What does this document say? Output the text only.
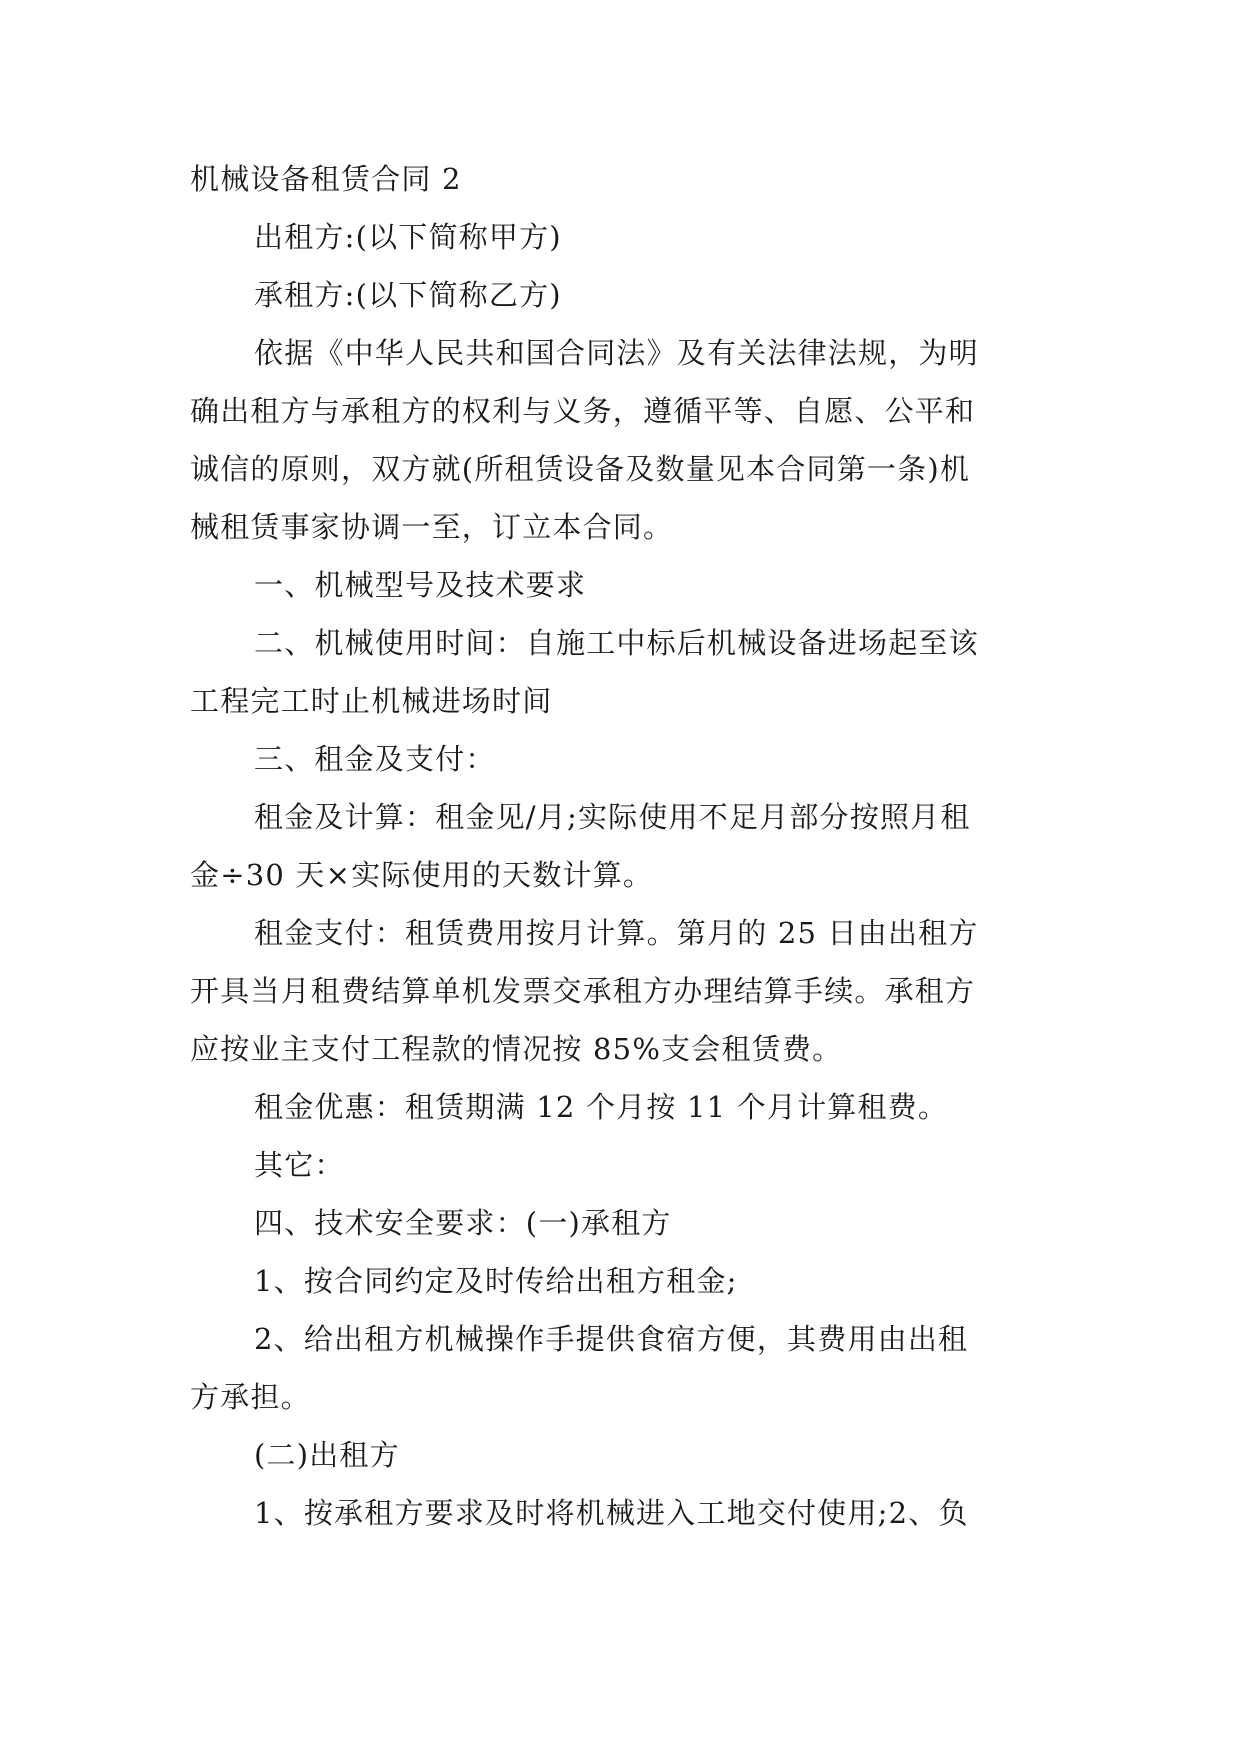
机械设备租赁合同 2
出租方:(以下简称甲方)
承租方:(以下简称乙方)
依据《中华人民共和国合同法》及有关法律法规，为明
确出租方与承租方的权利与义务，遵循平等、自愿、公平和
诚信的原则，双方就(所租赁设备及数量见本合同第一条)机
械租赁事家协调一至，订立本合同。
一、机械型号及技术要求
二、机械使用时间：自施工中标后机械设备进场起至该
工程完工时止机械进场时间
三、租金及支付：
租金及计算：租金见/月;实际使用不足月部分按照月租
金÷30 天×实际使用的天数计算。
租金支付：租赁费用按月计算。第月的 25 日由出租方
开具当月租费结算单机发票交承租方办理结算手续。承租方
应按业主支付工程款的情况按 85%支会租赁费。
租金优惠：租赁期满 12 个月按 11 个月计算租费。
其它：
四、技术安全要求：(一)承租方
1、按合同约定及时传给出租方租金;
2、给出租方机械操作手提供食宿方便，其费用由出租
方承担。
(二)出租方
1、按承租方要求及时将机械进入工地交付使用;2、负
